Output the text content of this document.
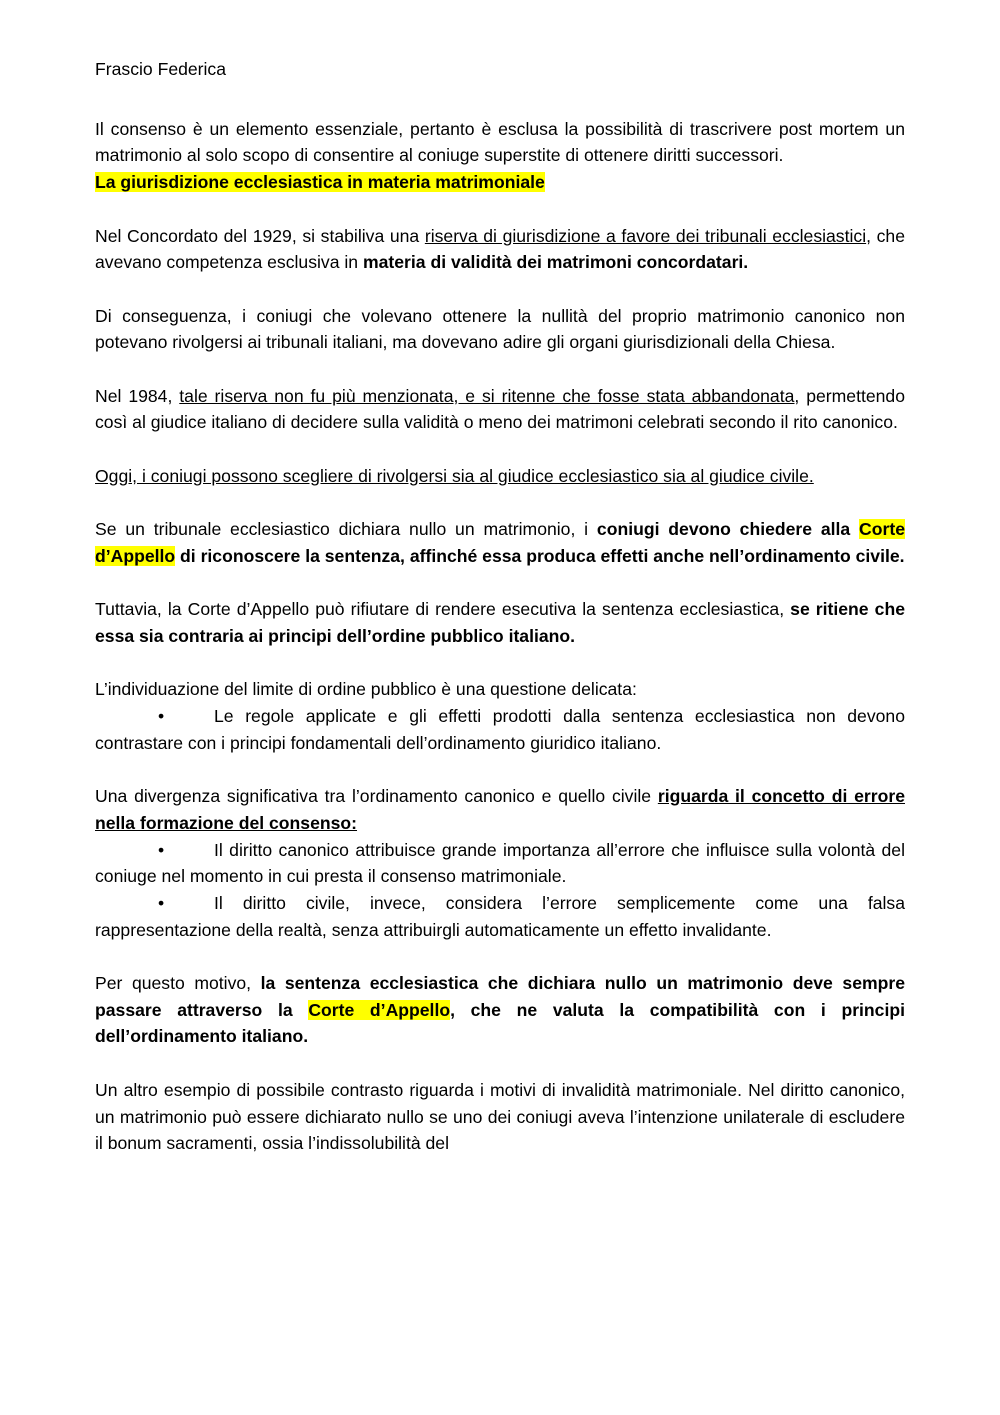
Frascio Federica

Il consenso è un elemento essenziale, pertanto è esclusa la possibilità di trascrivere post mortem un matrimonio al solo scopo di consentire al coniuge superstite di ottenere diritti successori.

La giurisdizione ecclesiastica in materia matrimoniale

Nel Concordato del 1929, si stabiliva una riserva di giurisdizione a favore dei tribunali ecclesiastici, che avevano competenza esclusiva in materia di validità dei matrimoni concordatari.

Di conseguenza, i coniugi che volevano ottenere la nullità del proprio matrimonio canonico non potevano rivolgersi ai tribunali italiani, ma dovevano adire gli organi giurisdizionali della Chiesa.

Nel 1984, tale riserva non fu più menzionata, e si ritenne che fosse stata abbandonata, permettendo così al giudice italiano di decidere sulla validità o meno dei matrimoni celebrati secondo il rito canonico.

Oggi, i coniugi possono scegliere di rivolgersi sia al giudice ecclesiastico sia al giudice civile.

Se un tribunale ecclesiastico dichiara nullo un matrimonio, i coniugi devono chiedere alla Corte d’Appello di riconoscere la sentenza, affinché essa produca effetti anche nell’ordinamento civile.

Tuttavia, la Corte d’Appello può rifiutare di rendere esecutiva la sentenza ecclesiastica, se ritiene che essa sia contraria ai principi dell’ordine pubblico italiano.

L’individuazione del limite di ordine pubblico è una questione delicata:

•	Le regole applicate e gli effetti prodotti dalla sentenza ecclesiastica non devono contrastare con i principi fondamentali dell’ordinamento giuridico italiano.

Una divergenza significativa tra l’ordinamento canonico e quello civile riguarda il concetto di errore nella formazione del consenso:

•	Il diritto canonico attribuisce grande importanza all’errore che influisce sulla volontà del coniuge nel momento in cui presta il consenso matrimoniale.

•	Il diritto civile, invece, considera l’errore semplicemente come una falsa rappresentazione della realtà, senza attribuirgli automaticamente un effetto invalidante.

Per questo motivo, la sentenza ecclesiastica che dichiara nullo un matrimonio deve sempre passare attraverso la Corte d’Appello, che ne valuta la compatibilità con i principi dell’ordinamento italiano.

Un altro esempio di possibile contrasto riguarda i motivi di invalidità matrimoniale. Nel diritto canonico, un matrimonio può essere dichiarato nullo se uno dei coniugi aveva l’intenzione unilaterale di escludere il bonum sacramenti, ossia l’indissolubilità del
